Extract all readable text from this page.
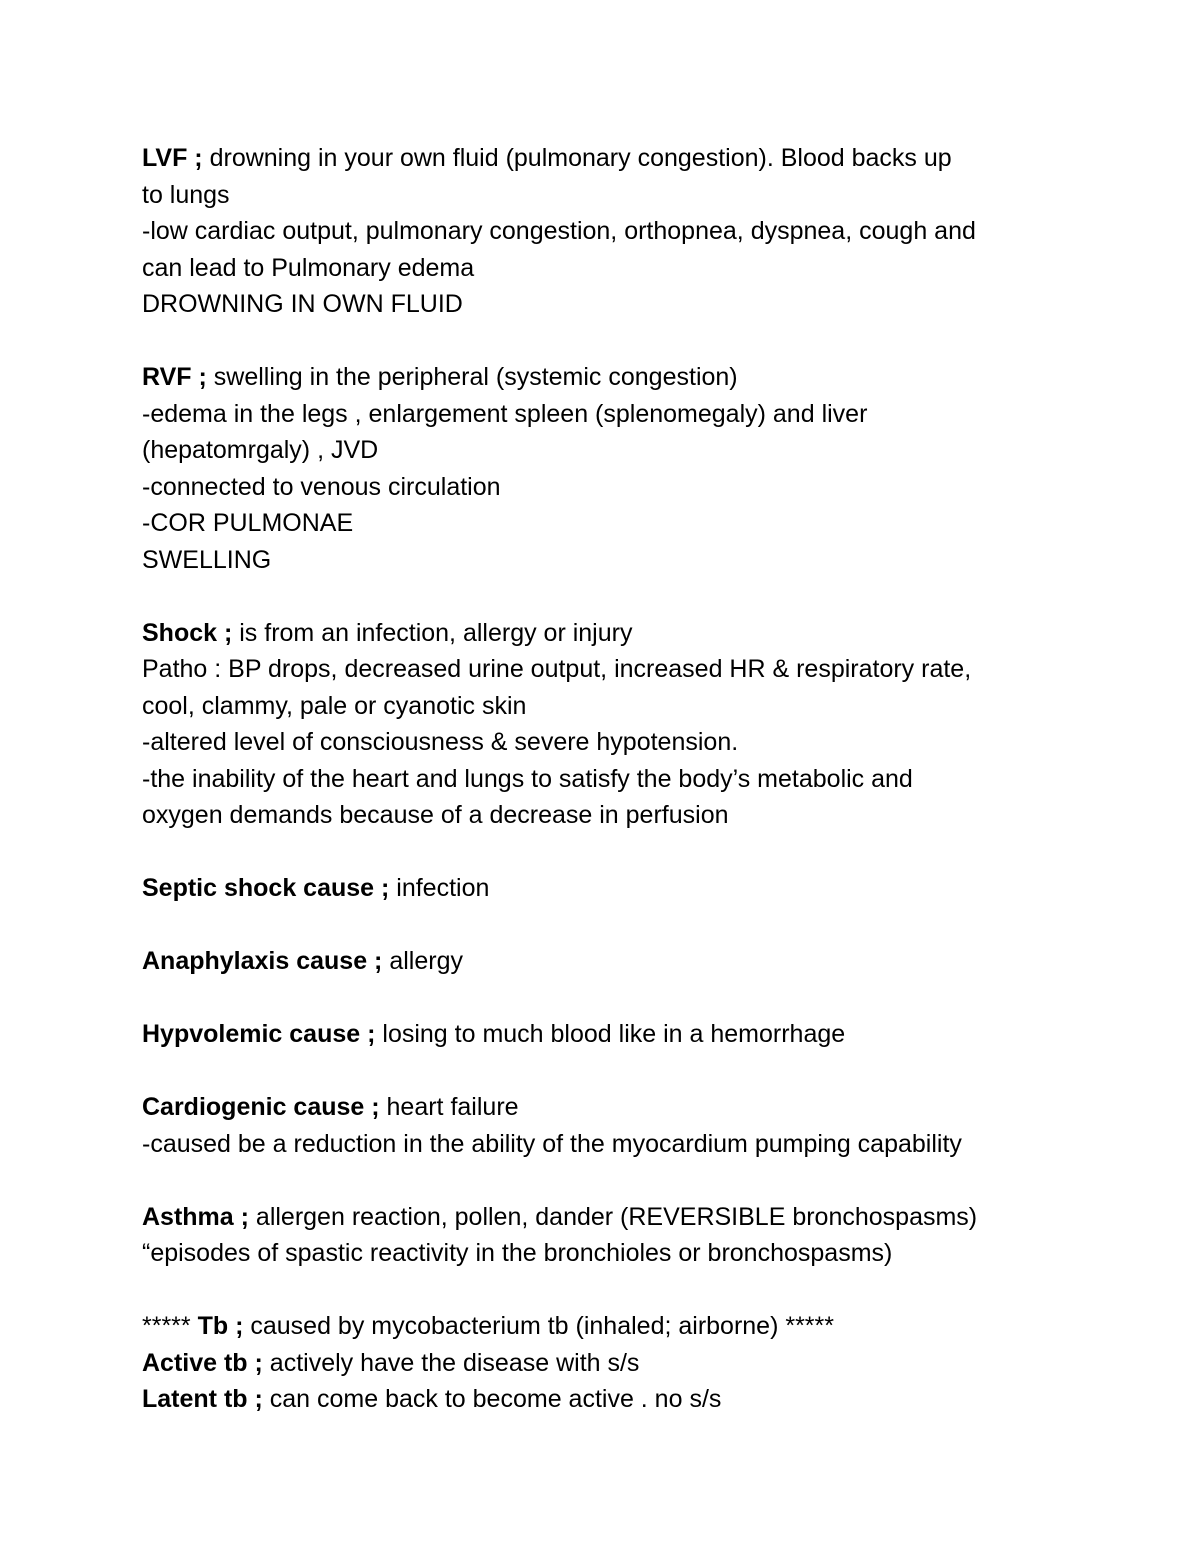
LVF ; drowning in your own fluid (pulmonary congestion). Blood backs up
to lungs
-low cardiac output, pulmonary congestion, orthopnea, dyspnea, cough and
can lead to Pulmonary edema
DROWNING IN OWN FLUID
RVF ; swelling in the peripheral (systemic congestion)
-edema in the legs , enlargement spleen (splenomegaly) and liver
(hepatomrgaly) , JVD
-connected to venous circulation
-COR PULMONAE
SWELLING
Shock ; is from an infection, allergy or injury
Patho : BP drops, decreased urine output, increased HR & respiratory rate,
cool, clammy, pale or cyanotic skin
-altered level of consciousness & severe hypotension.
-the inability of the heart and lungs to satisfy the body’s metabolic and
oxygen demands because of a decrease in perfusion
Septic shock cause ; infection
Anaphylaxis cause ; allergy
Hypvolemic cause ; losing to much blood like in a hemorrhage
Cardiogenic cause ; heart failure
-caused be a reduction in the ability of the myocardium pumping capability
Asthma ; allergen reaction, pollen, dander (REVERSIBLE bronchospasms)
“episodes of spastic reactivity in the bronchioles or bronchospasms)
***** Tb ; caused by mycobacterium tb (inhaled; airborne) *****
Active tb ; actively have the disease with s/s
Latent tb ; can come back to become active . no s/s
